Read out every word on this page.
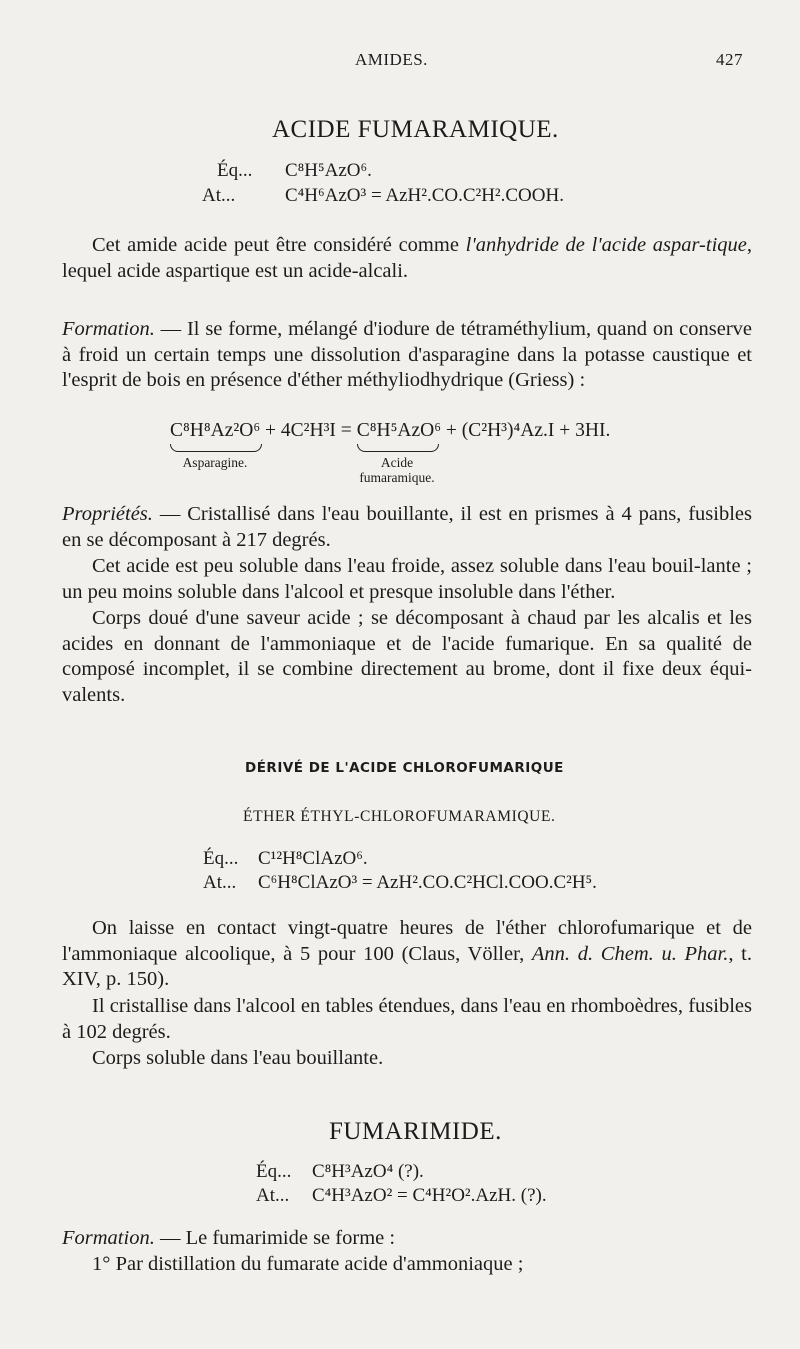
AMIDES.	427
ACIDE FUMARAMIQUE.
Éq... C⁸H⁵AzO⁶.
At...	C⁴H⁶AzO³ = AzH².CO.C²H².COOH.
Cet amide acide peut être considéré comme l'anhydride de l'acide aspar-tique, lequel acide aspartique est un acide-alcali.
Formation. — Il se forme, mélangé d'iodure de tétraméthylium, quand on conserve à froid un certain temps une dissolution d'asparagine dans la potasse caustique et l'esprit de bois en présence d'éther méthyliodhydrique (Griess) :
C⁸H⁸Az²O⁶ + 4C²H³I = C⁸H⁵AzO⁶ + (C²H³)⁴Az.I + 3HI.
Asparagine.	Acide
fumaramique.
Propriétés. — Cristallisé dans l'eau bouillante, il est en prismes à 4 pans, fusibles en se décomposant à 217 degrés.
Cet acide est peu soluble dans l'eau froide, assez soluble dans l'eau bouil-lante ; un peu moins soluble dans l'alcool et presque insoluble dans l'éther.
Corps doué d'une saveur acide ; se décomposant à chaud par les alcalis et les acides en donnant de l'ammoniaque et de l'acide fumarique. En sa qualité de composé incomplet, il se combine directement au brome, dont il fixe deux équi-valents.
DÉRIVÉ DE L'ACIDE CHLOROFUMARIQUE
ÉTHER ÉTHYL-CHLOROFUMARAMIQUE.
Éq... C¹²H⁸ClAzO⁶.
At... C⁶H⁸ClAzO³ = AzH².CO.C²HCl.COO.C²H⁵.
On laisse en contact vingt-quatre heures de l'éther chlorofumarique et de l'ammoniaque alcoolique, à 5 pour 100 (Claus, Völler, Ann. d. Chem. u. Phar., t. XIV, p. 150).
Il cristallise dans l'alcool en tables étendues, dans l'eau en rhomboèdres, fusibles à 102 degrés.
Corps soluble dans l'eau bouillante.
FUMARIMIDE.
Éq... C⁸H³AzO⁴ (?).
At... C⁴H³AzO² = C⁴H²O².AzH. (?).
Formation. — Le fumarimide se forme :
1° Par distillation du fumarate acide d'ammoniaque ;
